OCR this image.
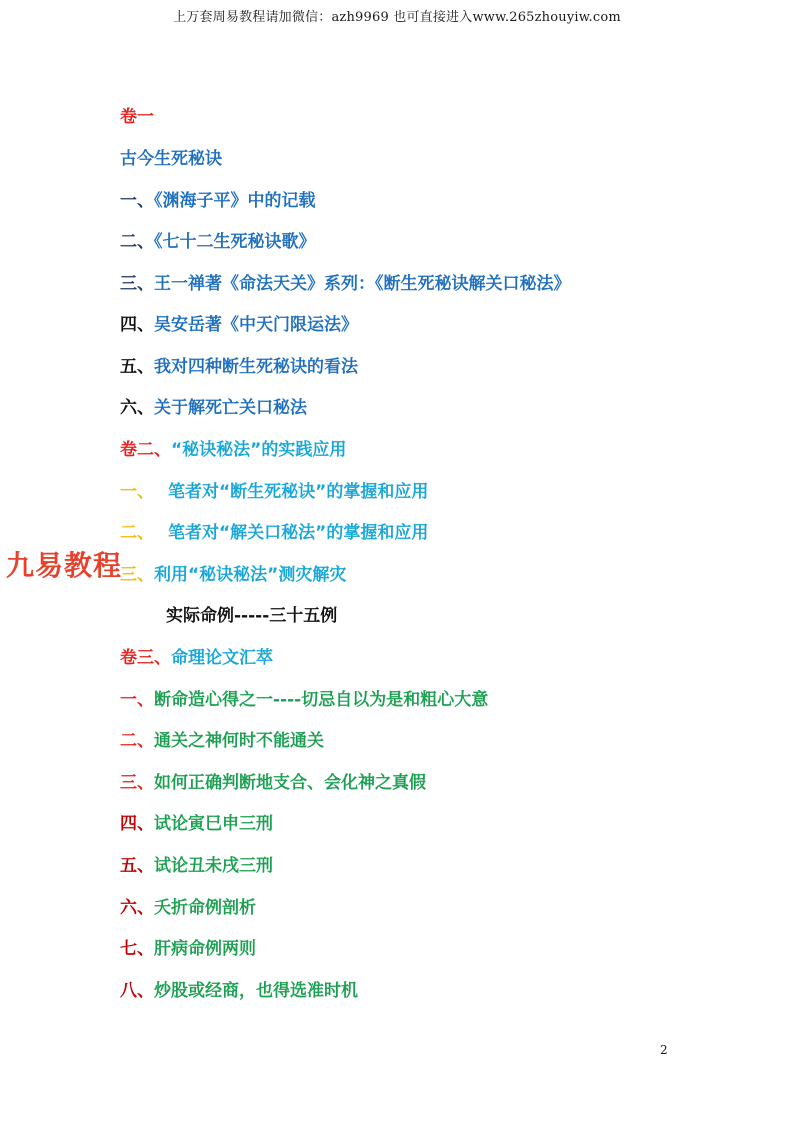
上万套周易教程请加微信：azh9969 也可直接进入www.265zhouyiw.com
卷一
古今生死秘诀
一、《渊海子平》中的记载
二、《七十二生死秘诀歌》
三、王一禅著《命法天关》系列：《断生死秘诀解关口秘法》
四、吴安岳著《中天门限运法》
五、我对四种断生死秘诀的看法
六、关于解死亡关口秘法
卷二、“秘诀秘法”的实践应用
一、 笔者对“断生死秘诀”的掌握和应用
二、 笔者对“解关口秘法”的掌握和应用
三、利用“秘诀秘法”测灾解灾
实际命例-----三十五例
卷三、命理论文汇萃
一、断命造心得之一----切忌自以为是和粗心大意
二、通关之神何时不能通关
三、如何正确判断地支合、会化神之真假
四、试论寅巳申三刑
五、试论丑未戌三刑
六、夭折命例剖析
七、肝病命例两则
八、炒股或经商，也得选准时机
九易教程
2
